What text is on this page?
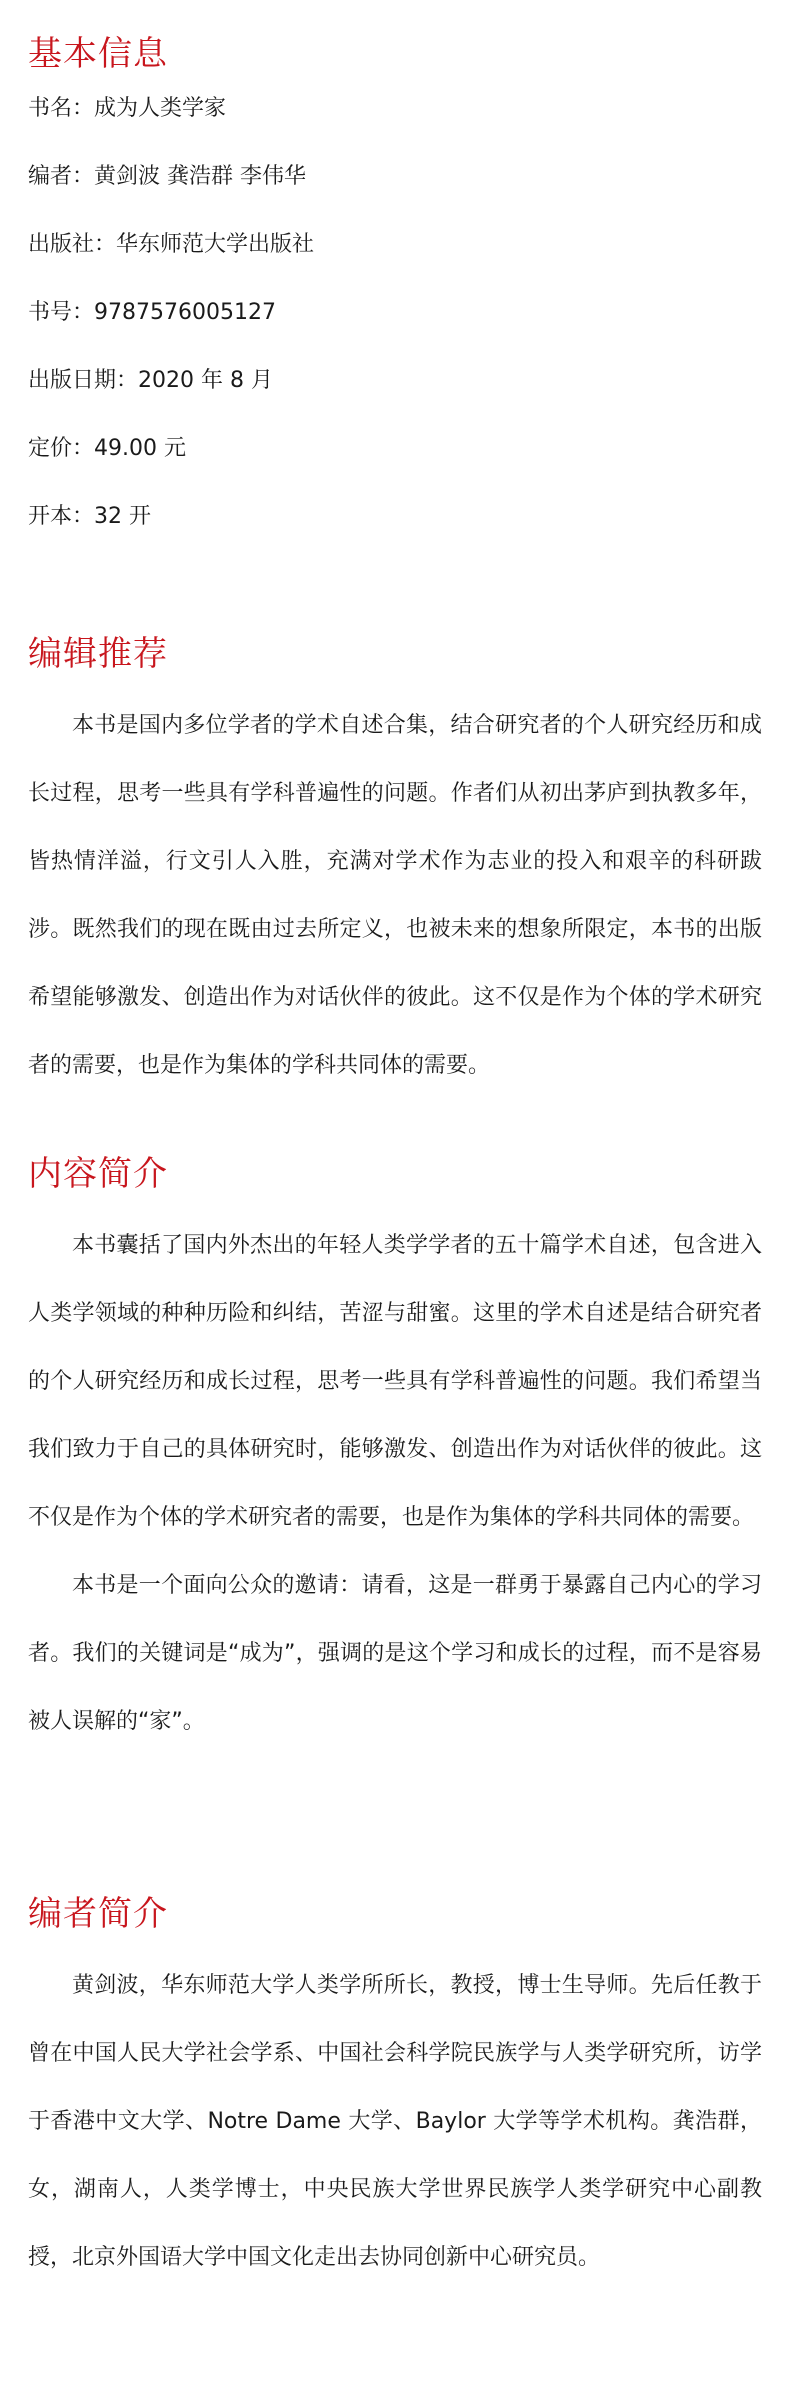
基本信息
书名：成为人类学家
编者：黄剑波 龚浩群 李伟华
出版社：华东师范大学出版社
书号：9787576005127
出版日期：2020 年 8 月
定价：49.00 元
开本：32 开
编辑推荐

本书是国内多位学者的学术自述合集，结合研究者的个人研究经历和成长过程，思考一些具有学科普遍性的问题。作者们从初出茅庐到执教多年，皆热情洋溢，行文引人入胜，充满对学术作为志业的投入和艰辛的科研跋涉。既然我们的现在既由过去所定义，也被未来的想象所限定，本书的出版希望能够激发、创造出作为对话伙伴的彼此。这不仅是作为个体的学术研究者的需要，也是作为集体的学科共同体的需要。

内容简介

本书囊括了国内外杰出的年轻人类学学者的五十篇学术自述，包含进入人类学领域的种种历险和纠结，苦涩与甜蜜。这里的学术自述是结合研究者的个人研究经历和成长过程，思考一些具有学科普遍性的问题。我们希望当我们致力于自己的具体研究时，能够激发、创造出作为对话伙伴的彼此。这不仅是作为个体的学术研究者的需要，也是作为集体的学科共同体的需要。

本书是一个面向公众的邀请：请看，这是一群勇于暴露自己内心的学习者。我们的关键词是“成为”，强调的是这个学习和成长的过程，而不是容易被人误解的“家”。

编者简介

黄剑波，华东师范大学人类学所所长，教授，博士生导师。先后任教于曾在中国人民大学社会学系、中国社会科学院民族学与人类学研究所，访学于香港中文大学、Notre Dame 大学、Baylor 大学等学术机构。龚浩群，女，湖南人，人类学博士，中央民族大学世界民族学人类学研究中心副教授，北京外国语大学中国文化走出去协同创新中心研究员。
